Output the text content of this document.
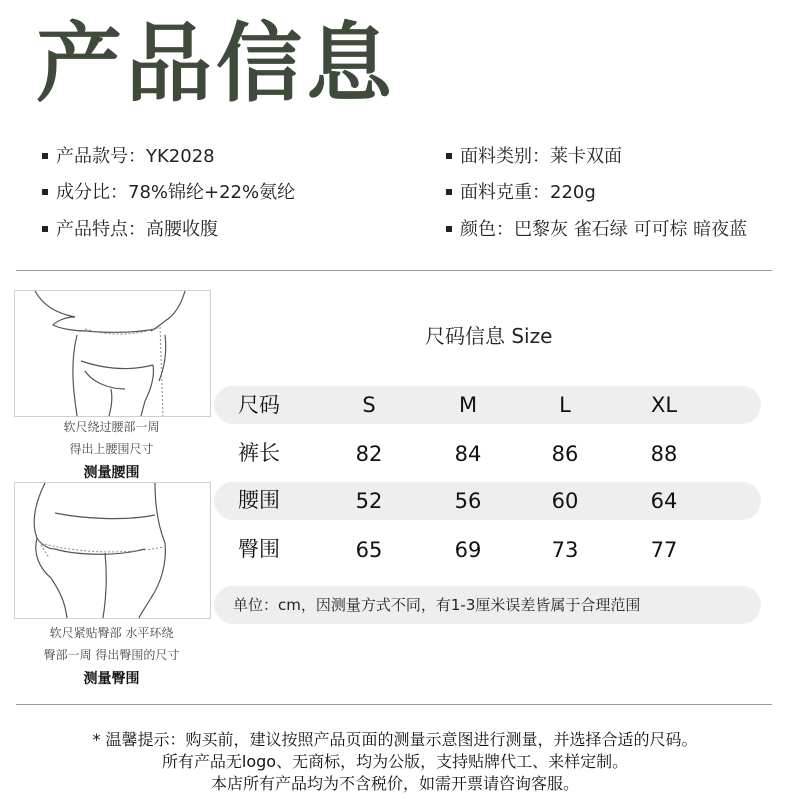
产品信息
产品款号：YK2028
成分比：78%锦纶+22%氨纶
产品特点：高腰收腹
面料类别：莱卡双面
面料克重：220g
颜色：巴黎灰 雀石绿 可可棕 暗夜蓝
软尺绕过腰部一周
得出上腰围尺寸
测量腰围
软尺紧贴臀部 水平环绕
臀部一周 得出臀围的尺寸
测量臀围
尺码信息 Size
尺码	S	M	L	XL
裤长	82	84	86	88
腰围	52	56	60	64
臀围	65	69	73	77
单位：cm，因测量方式不同，有1-3厘米误差皆属于合理范围
* 温馨提示：购买前，建议按照产品页面的测量示意图进行测量，并选择合适的尺码。
所有产品无logo、无商标，均为公版，支持贴牌代工、来样定制。
本店所有产品均为不含税价，如需开票请咨询客服。
